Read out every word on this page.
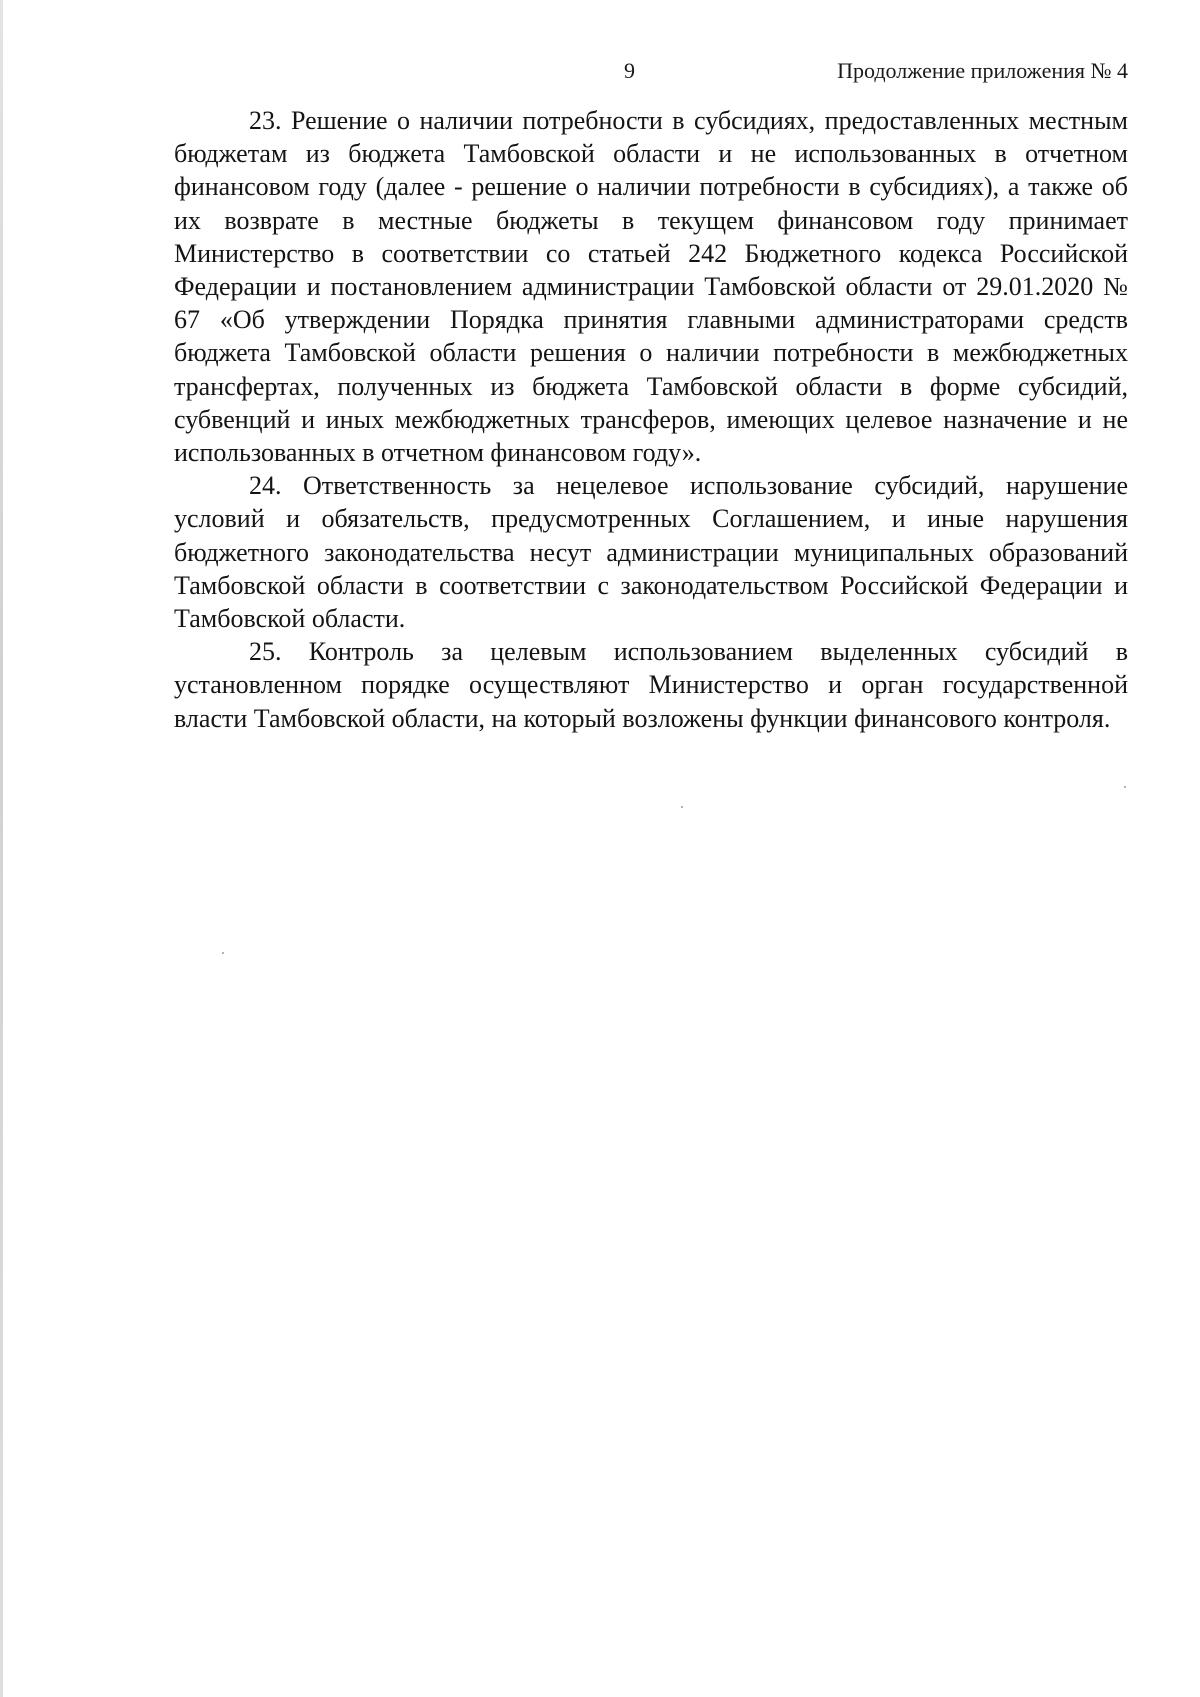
9	Продолжение приложения № 4

23. Решение о наличии потребности в субсидиях, предоставленных местным бюджетам из бюджета Тамбовской области и не использованных в отчетном финансовом году (далее - решение о наличии потребности в субсидиях), а также об их возврате в местные бюджеты в текущем финансовом году принимает Министерство в соответствии со статьей 242 Бюджетного кодекса Российской Федерации и постановлением администрации Тамбовской области от 29.01.2020 № 67 «Об утверждении Порядка принятия главными администраторами средств бюджета Тамбовской области решения о наличии потребности в межбюджетных трансфертах, полученных из бюджета Тамбовской области в форме субсидий, субвенций и иных межбюджетных трансферов, имеющих целевое назначение и не использованных в отчетном финансовом году».

24. Ответственность за нецелевое использование субсидий, нарушение условий и обязательств, предусмотренных Соглашением, и иные нарушения бюджетного законодательства несут администрации муниципальных образований Тамбовской области в соответствии с законодательством Российской Федерации и Тамбовской области.

25. Контроль за целевым использованием выделенных субсидий в установленном порядке осуществляют Министерство и орган государственной власти Тамбовской области, на который возложены функции финансового контроля.
